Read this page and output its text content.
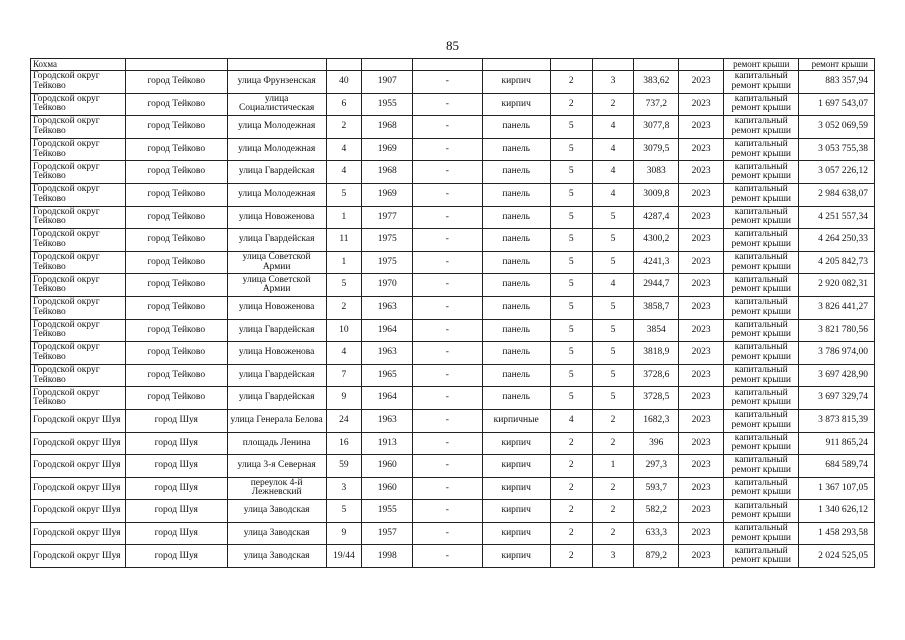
85
Кохма											ремонт крыши	ремонт крыши
Городской округ Тейково	город Тейково	улица Фрунзенская	40	1907	-	кирпич	2	3	383,62	2023	капитальный ремонт крыши	883 357,94
Городской округ Тейково	город Тейково	улица Социалистическая	6	1955	-	кирпич	2	2	737,2	2023	капитальный ремонт крыши	1 697 543,07
Городской округ Тейково	город Тейково	улица Молодежная	2	1968	-	панель	5	4	3077,8	2023	капитальный ремонт крыши	3 052 069,59
Городской округ Тейково	город Тейково	улица Молодежная	4	1969	-	панель	5	4	3079,5	2023	капитальный ремонт крыши	3 053 755,38
Городской округ Тейково	город Тейково	улица Гвардейская	4	1968	-	панель	5	4	3083	2023	капитальный ремонт крыши	3 057 226,12
Городской округ Тейково	город Тейково	улица Молодежная	5	1969	-	панель	5	4	3009,8	2023	капитальный ремонт крыши	2 984 638,07
Городской округ Тейково	город Тейково	улица Новоженова	1	1977	-	панель	5	5	4287,4	2023	капитальный ремонт крыши	4 251 557,34
Городской округ Тейково	город Тейково	улица Гвардейская	11	1975	-	панель	5	5	4300,2	2023	капитальный ремонт крыши	4 264 250,33
Городской округ Тейково	город Тейково	улица Советской Армии	1	1975	-	панель	5	5	4241,3	2023	капитальный ремонт крыши	4 205 842,73
Городской округ Тейково	город Тейково	улица Советской Армии	5	1970	-	панель	5	4	2944,7	2023	капитальный ремонт крыши	2 920 082,31
Городской округ Тейково	город Тейково	улица Новоженова	2	1963	-	панель	5	5	3858,7	2023	капитальный ремонт крыши	3 826 441,27
Городской округ Тейково	город Тейково	улица Гвардейская	10	1964	-	панель	5	5	3854	2023	капитальный ремонт крыши	3 821 780,56
Городской округ Тейково	город Тейково	улица Новоженова	4	1963	-	панель	5	5	3818,9	2023	капитальный ремонт крыши	3 786 974,00
Городской округ Тейково	город Тейково	улица Гвардейская	7	1965	-	панель	5	5	3728,6	2023	капитальный ремонт крыши	3 697 428,90
Городской округ Тейково	город Тейково	улица Гвардейская	9	1964	-	панель	5	5	3728,5	2023	капитальный ремонт крыши	3 697 329,74
Городской округ Шуя	город Шуя	улица Генерала Белова	24	1963	-	кирпичные	4	2	1682,3	2023	капитальный ремонт крыши	3 873 815,39
Городской округ Шуя	город Шуя	площадь Ленина	16	1913	-	кирпич	2	2	396	2023	капитальный ремонт крыши	911 865,24
Городской округ Шуя	город Шуя	улица 3-я Северная	59	1960	-	кирпич	2	1	297,3	2023	капитальный ремонт крыши	684 589,74
Городской округ Шуя	город Шуя	переулок 4-й Лежневский	3	1960	-	кирпич	2	2	593,7	2023	капитальный ремонт крыши	1 367 107,05
Городской округ Шуя	город Шуя	улица Заводская	5	1955	-	кирпич	2	2	582,2	2023	капитальный ремонт крыши	1 340 626,12
Городской округ Шуя	город Шуя	улица Заводская	9	1957	-	кирпич	2	2	633,3	2023	капитальный ремонт крыши	1 458 293,58
Городской округ Шуя	город Шуя	улица Заводская	19/44	1998	-	кирпич	2	3	879,2	2023	капитальный ремонт крыши	2 024 525,05
